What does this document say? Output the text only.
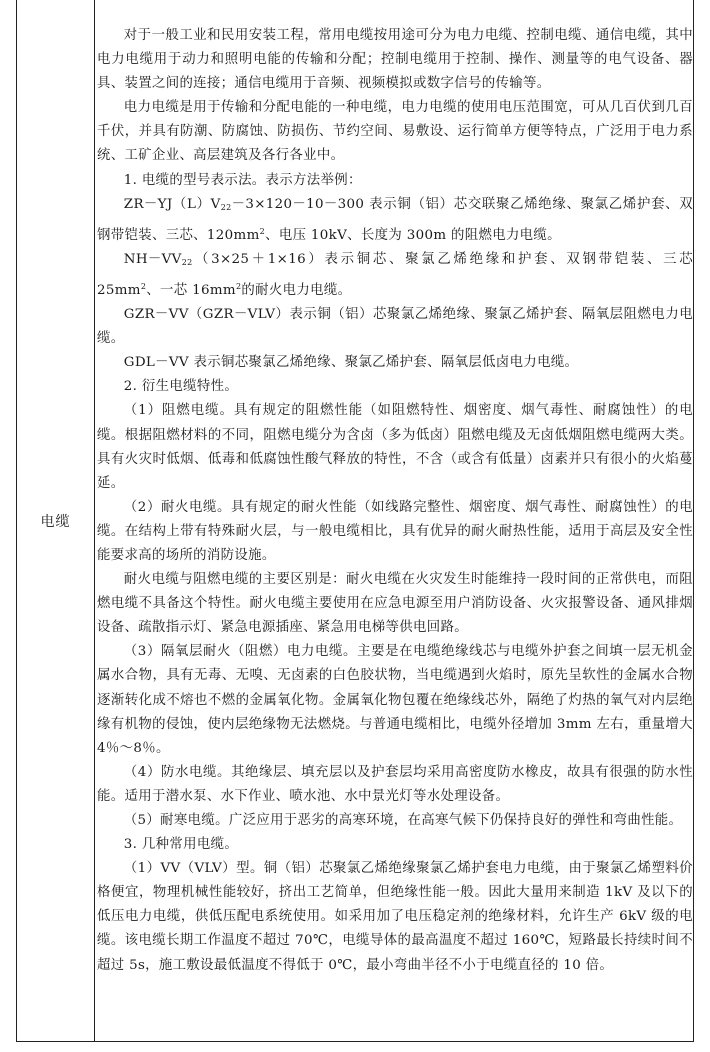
电缆

对于一般工业和民用安装工程，常用电缆按用途可分为电力电缆、控制电缆、通信电缆，其中电力电缆用于动力和照明电能的传输和分配；控制电缆用于控制、操作、测量等的电气设备、器具、装置之间的连接；通信电缆用于音频、视频模拟或数字信号的传输等。

电力电缆是用于传输和分配电能的一种电缆，电力电缆的使用电压范围宽，可从几百伏到几百千伏，并具有防潮、防腐蚀、防损伤、节约空间、易敷设、运行简单方便等特点，广泛用于电力系统、工矿企业、高层建筑及各行各业中。

1. 电缆的型号表示法。表示方法举例：

$ZR-YJ(L)V_{22}-3\times 120-10-300$ 表示铜（铝）芯交联聚乙烯绝缘、聚氯乙烯护套、双钢带铠装、三芯、$120mm^2$、电压 10kV、长度为 300m 的阻燃电力电缆。

$NH-VV_{22}(3\times 25+1\times 16)$表示铜芯、聚氯乙烯绝缘和护套、双钢带铠装、三芯 $25mm^2$、一芯 $16mm^2$的耐火电力电缆。

GZR－VV（GZR－VLV）表示铜（铝）芯聚氯乙烯绝缘、聚氯乙烯护套、隔氧层阻燃电力电缆。

GDL－VV 表示铜芯聚氯乙烯绝缘、聚氯乙烯护套、隔氧层低卤电力电缆。

2. 衍生电缆特性。

（1）阻燃电缆。具有规定的阻燃性能（如阻燃特性、烟密度、烟气毒性、耐腐蚀性）的电缆。根据阻燃材料的不同，阻燃电缆分为含卤（多为低卤）阻燃电缆及无卤低烟阻燃电缆两大类。具有火灾时低烟、低毒和低腐蚀性酸气释放的特性，不含（或含有低量）卤素并只有很小的火焰蔓延。

（2）耐火电缆。具有规定的耐火性能（如线路完整性、烟密度、烟气毒性、耐腐蚀性）的电缆。在结构上带有特殊耐火层，与一般电缆相比，具有优异的耐火耐热性能，适用于高层及安全性能要求高的场所的消防设施。

耐火电缆与阻燃电缆的主要区别是：耐火电缆在火灾发生时能维持一段时间的正常供电，而阻燃电缆不具备这个特性。耐火电缆主要使用在应急电源至用户消防设备、火灾报警设备、通风排烟设备、疏散指示灯、紧急电源插座、紧急用电梯等供电回路。

（3）隔氧层耐火（阻燃）电力电缆。主要是在电缆绝缘线芯与电缆外护套之间填一层无机金属水合物，具有无毒、无嗅、无卤素的白色胶状物，当电缆遇到火焰时，原先呈软性的金属水合物逐渐转化成不熔也不燃的金属氧化物。金属氧化物包覆在绝缘线芯外，隔绝了灼热的氧气对内层绝缘有机物的侵蚀，使内层绝缘物无法燃烧。与普通电缆相比，电缆外径增加 3mm 左右，重量增大 4％～8％。

（4）防水电缆。其绝缘层、填充层以及护套层均采用高密度防水橡皮，故具有很强的防水性能。适用于潜水泵、水下作业、喷水池、水中景光灯等水处理设备。

（5）耐寒电缆。广泛应用于恶劣的高寒环境，在高寒气候下仍保持良好的弹性和弯曲性能。

3. 几种常用电缆。

（1）VV（VLV）型。铜（铝）芯聚氯乙烯绝缘聚氯乙烯护套电力电缆，由于聚氯乙烯塑料价格便宜，物理机械性能较好，挤出工艺简单，但绝缘性能一般。因此大量用来制造 1kV 及以下的低压电力电缆，供低压配电系统使用。如采用加了电压稳定剂的绝缘材料，允许生产 6kV 级的电缆。该电缆长期工作温度不超过 70℃，电缆导体的最高温度不超过 160℃，短路最长持续时间不超过 5s，施工敷设最低温度不得低于 0℃，最小弯曲半径不小于电缆直径的 10 倍。
